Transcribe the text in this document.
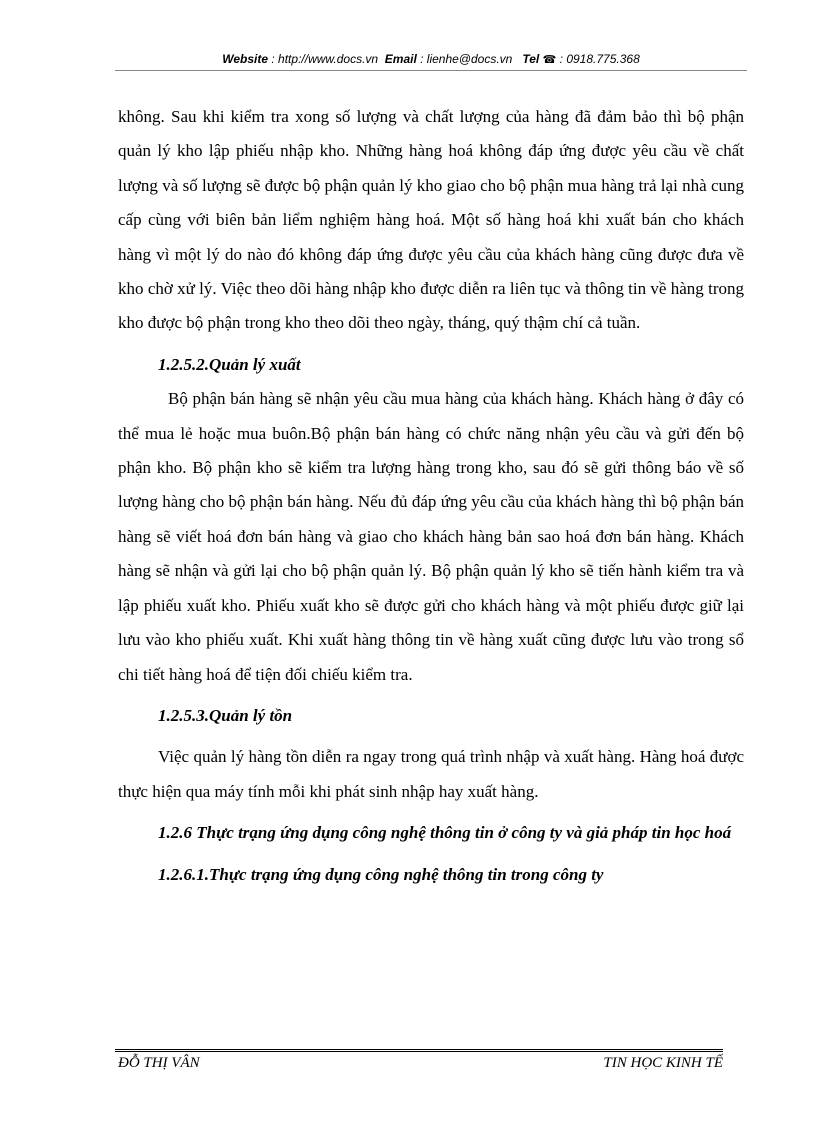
Website : http://www.docs.vn Email : lienhe@docs.vn Tel ☎ : 0918.775.368

không. Sau khi kiểm tra xong số lượng và chất lượng của hàng đã đảm bảo thì bộ phận quản lý kho lập phiếu nhập kho. Những hàng hoá không đáp ứng được yêu cầu về chất lượng và số lượng sẽ được bộ phận quản lý kho giao cho bộ phận mua hàng trả lại nhà cung cấp cùng với biên bản liểm nghiệm hàng hoá. Một số hàng hoá khi xuất bán cho khách hàng vì một lý do nào đó không đáp ứng được yêu cầu của khách hàng cũng được đưa về kho chờ xử lý. Việc theo dõi hàng nhập kho được diễn ra liên tục và thông tin về hàng trong kho được bộ phận trong kho theo dõi theo ngày, tháng, quý thậm chí cả tuần.

1.2.5.2.Quản lý xuất

Bộ phận bán hàng sẽ nhận yêu cầu mua hàng của khách hàng. Khách hàng ở đây có thể mua lẻ hoặc mua buôn.Bộ phận bán hàng có chức năng nhận yêu cầu và gửi đến bộ phận kho. Bộ phận kho sẽ kiểm tra lượng hàng trong kho, sau đó sẽ gửi thông báo về số lượng hàng cho bộ phận bán hàng. Nếu đủ đáp ứng yêu cầu của khách hàng thì bộ phận bán hàng sẽ viết hoá đơn bán hàng và giao cho khách hàng bản sao hoá đơn bán hàng. Khách hàng sẽ nhận và gửi lại cho bộ phận quản lý. Bộ phận quản lý kho sẽ tiến hành kiểm tra và lập phiếu xuất kho. Phiếu xuất kho sẽ được gửi cho khách hàng và một phiếu được giữ lại lưu vào kho phiếu xuất. Khi xuất hàng thông tin về hàng xuất cũng được lưu vào trong sổ chi tiết hàng hoá để tiện đối chiếu kiểm tra.

1.2.5.3.Quản lý tồn

Việc quản lý hàng tồn diễn ra ngay trong quá trình nhập và xuất hàng. Hàng hoá được thực hiện qua máy tính mỗi khi phát sinh nhập hay xuất hàng.

1.2.6 Thực trạng ứng dụng công nghệ thông tin ở công ty và giả pháp tin học hoá

1.2.6.1.Thực trạng ứng dụng công nghệ thông tin trong công ty

ĐỖ THỊ VÂN	TIN HỌC KINH TẾ
